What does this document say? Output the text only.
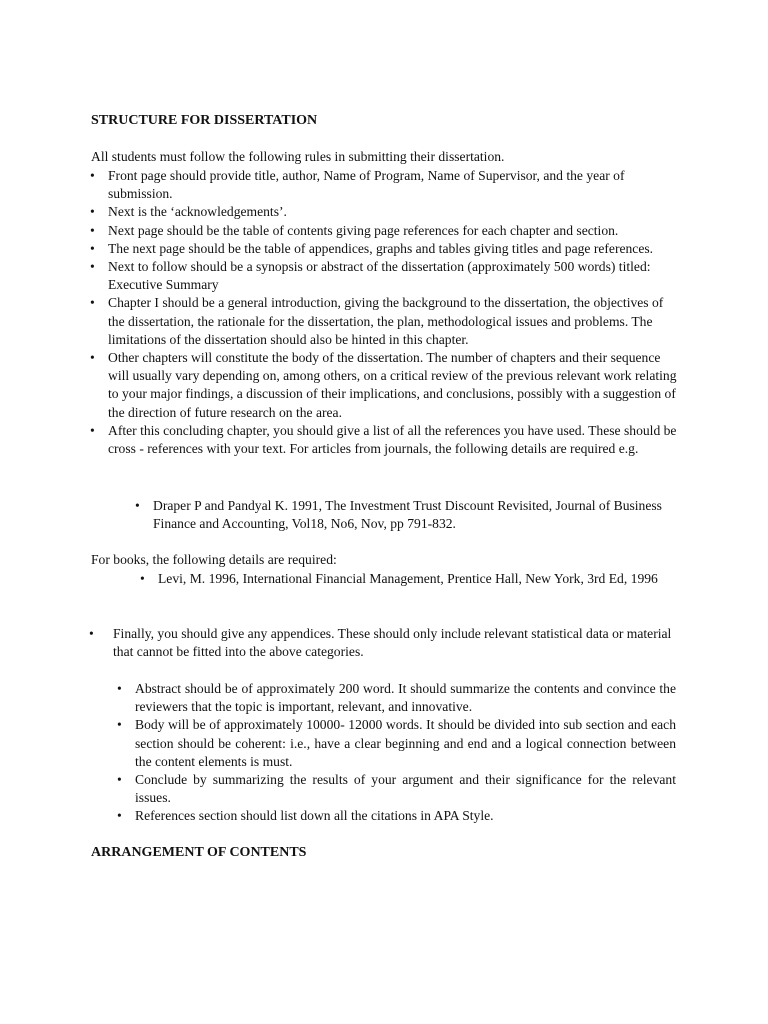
STRUCTURE FOR DISSERTATION

All students must follow the following rules in submitting their dissertation.

• Front page should provide title, author, Name of Program, Name of Supervisor, and the year of submission.
• Next is the ‘acknowledgements’.
• Next page should be the table of contents giving page references for each chapter and section.
• The next page should be the table of appendices, graphs and tables giving titles and page references.
• Next to follow should be a synopsis or abstract of the dissertation (approximately 500 words) titled: Executive Summary
• Chapter I should be a general introduction, giving the background to the dissertation, the objectives of the dissertation, the rationale for the dissertation, the plan, methodological issues and problems. The limitations of the dissertation should also be hinted in this chapter.
• Other chapters will constitute the body of the dissertation. The number of chapters and their sequence will usually vary depending on, among others, on a critical review of the previous relevant work relating to your major findings, a discussion of their implications, and conclusions, possibly with a suggestion of the direction of future research on the area.
• After this concluding chapter, you should give a list of all the references you have used. These should be cross - references with your text. For articles from journals, the following details are required e.g.
• Draper P and Pandyal K. 1991, The Investment Trust Discount Revisited, Journal of Business Finance and Accounting, Vol18, No6, Nov, pp 791-832.

For books, the following details are required:

• Levi, M. 1996, International Financial Management, Prentice Hall, New York, 3rd Ed, 1996
•	Finally, you should give any appendices. These should only include relevant statistical data or material that cannot be fitted into the above categories.
• Abstract should be of approximately 200 word. It should summarize the contents and convince the reviewers that the topic is important, relevant, and innovative.
• Body will be of approximately 10000- 12000 words. It should be divided into sub section and each section should be coherent: i.e., have a clear beginning and end and a logical connection between the content elements is must.
• Conclude by summarizing the results of your argument and their significance for the relevant issues.
• References section should list down all the citations in APA Style.

ARRANGEMENT OF CONTENTS
